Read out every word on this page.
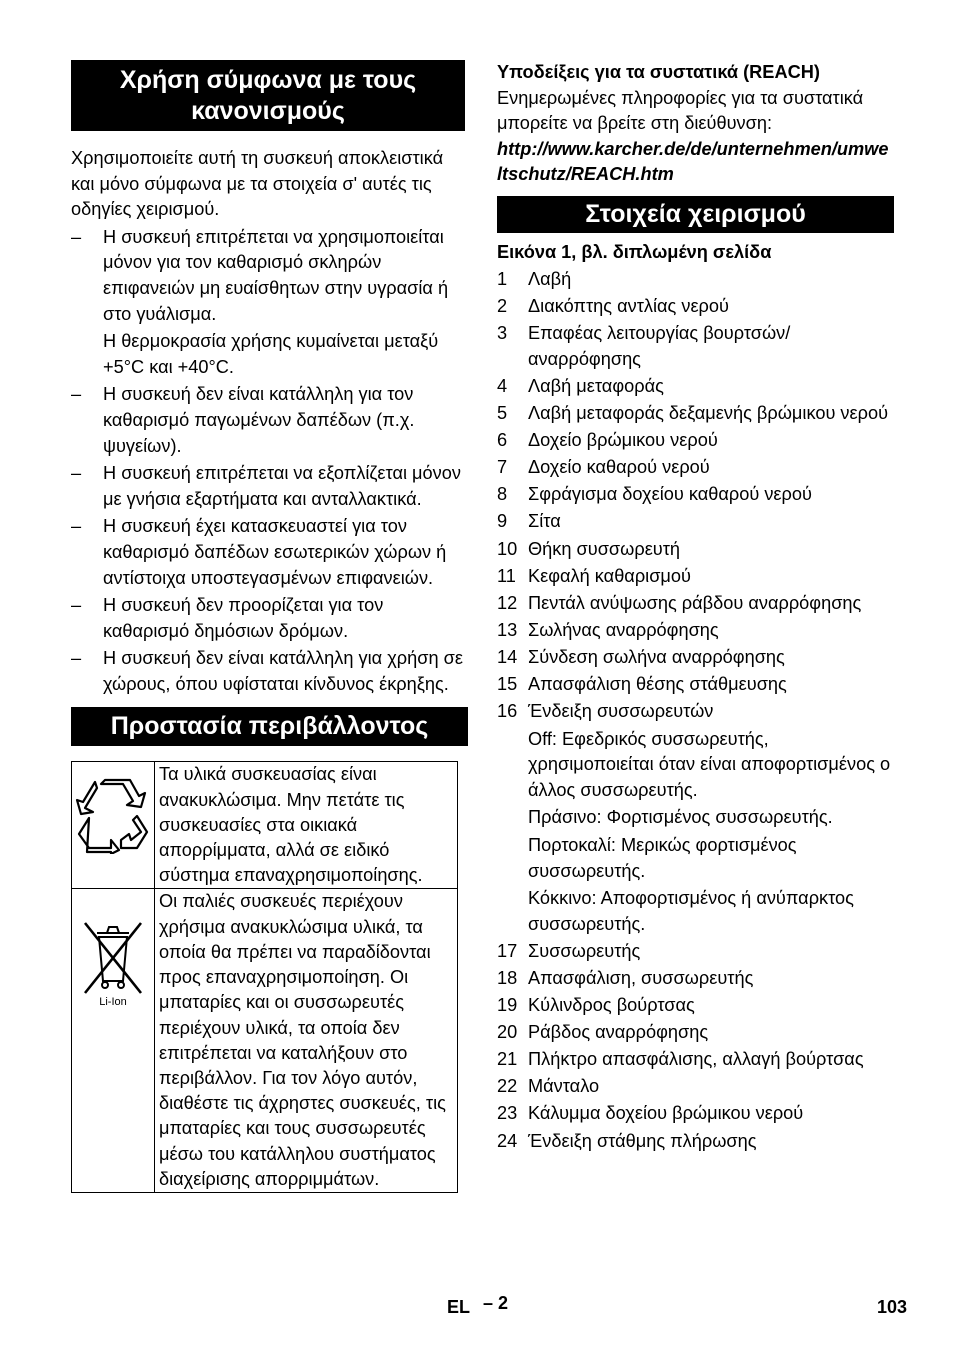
Χρήση σύμφωνα με τους κανονισμούς

Χρησιμοποιείτε αυτή τη συσκευή αποκλειστικά και μόνο σύμφωνα με τα στοιχεία σ' αυτές τις οδηγίες χειρισμού.

–	Η συσκευή επιτρέπεται να χρησιμοποιείται μόνον για τον καθαρισμό σκληρών επιφανειών μη ευαίσθητων στην υγρασία ή στο γυάλισμα.

Η θερμοκρασία χρήσης κυμαίνεται μεταξύ +5°C και +40°C.

–	Η συσκευή δεν είναι κατάλληλη για τον καθαρισμό παγωμένων δαπέδων (π.χ. ψυγείων).

–	Η συσκευή επιτρέπεται να εξοπλίζεται μόνον με γνήσια εξαρτήματα και ανταλλακτικά.

–	Η συσκευή έχει κατασκευαστεί για τον καθαρισμό δαπέδων εσωτερικών χώρων ή αντίστοιχα υποστεγασμένων επιφανειών.

–	Η συσκευή δεν προορίζεται για τον καθαρισμό δημόσιων δρόμων.

–	Η συσκευή δεν είναι κατάλληλη για χρήση σε χώρους, όπου υφίσταται κίνδυνος έκρηξης.

Προστασία περιβάλλοντος
	Τα υλικά συσκευασίας είναι ανακυκλώσιμα. Μην πετάτε τις συσκευασίες στα οικιακά απορρίμματα, αλλά σε ειδικό σύστημα επαναχρησιμοποίησης.

Li-Ion	Οι παλιές συσκευές περιέχουν χρήσιμα ανακυκλώσιμα υλικά, τα οποία θα πρέπει να παραδίδονται προς επαναχρησιμοποίηση. Οι μπαταρίες και οι συσσωρευτές περιέχουν υλικά, τα οποία δεν επιτρέπεται να καταλήξουν στο περιβάλλον. Για τον λόγο αυτόν, διαθέστε τις άχρηστες συσκευές, τις μπαταρίες και τους συσσωρευτές μέσω του κατάλληλου συστήματος διαχείρισης απορριμμάτων.

Υποδείξεις για τα συστατικά (REACH)

Ενημερωμένες πληροφορίες για τα συστατικά μπορείτε να βρείτε στη διεύθυνση:

http://www.karcher.de/de/unternehmen/umweltschutz/REACH.htm

Στοιχεία χειρισμού

Εικόνα 1, βλ. διπλωμένη σελίδα

1 Λαβή

2 Διακόπτης αντλίας νερού

3 Επαφέας λειτουργίας βουρτσών/αναρρόφησης

4 Λαβή μεταφοράς

5 Λαβή μεταφοράς δεξαμενής βρώμικου νερού

6 Δοχείο βρώμικου νερού

7 Δοχείο καθαρού νερού

8 Σφράγισμα δοχείου καθαρού νερού

9 Σίτα

10 Θήκη συσσωρευτή

11 Κεφαλή καθαρισμού

12 Πεντάλ ανύψωσης ράβδου αναρρόφησης

13 Σωλήνας αναρρόφησης

14 Σύνδεση σωλήνα αναρρόφησης

15 Απασφάλιση θέσης στάθμευσης

16 Ένδειξη συσσωρευτών

Off: Εφεδρικός συσσωρευτής, χρησιμοποιείται όταν είναι αποφορτισμένος ο άλλος συσσωρευτής.

Πράσινο: Φορτισμένος συσσωρευτής.

Πορτοκαλί: Μερικώς φορτισμένος συσσωρευτής.

Κόκκινο: Αποφορτισμένος ή ανύπαρκτος συσσωρευτής.

17 Συσσωρευτής

18 Απασφάλιση, συσσωρευτής

19 Κύλινδρος βούρτσας

20 Ράβδος αναρρόφησης

21 Πλήκτρο απασφάλισης, αλλαγή βούρτσας

22 Μάνταλο

23 Κάλυμμα δοχείου βρώμικου νερού

24 Ένδειξη στάθμης πλήρωσης

EL – 2	103
